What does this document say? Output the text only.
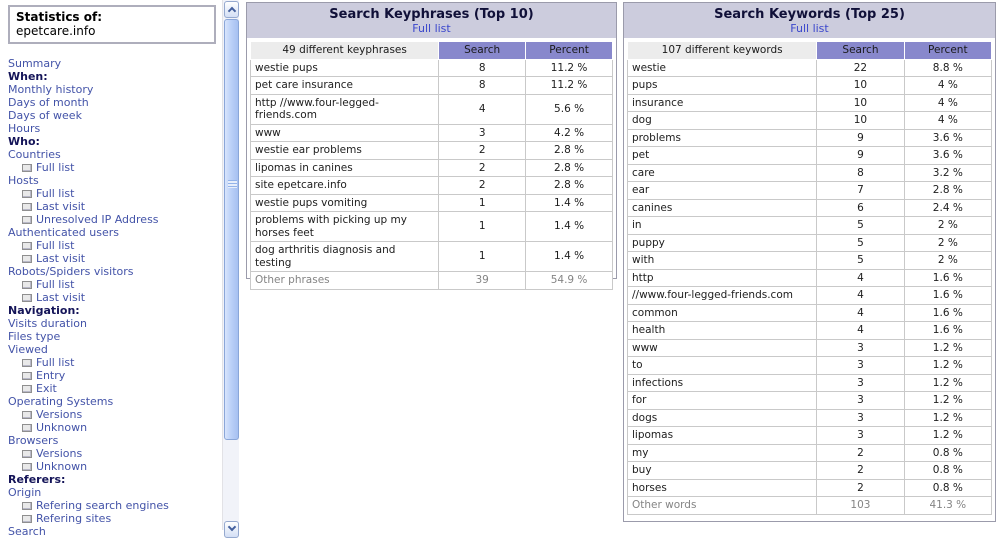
Statistics of:
epetcare.info
Summary
When:
Monthly history
Days of month
Days of week
Hours
Who:
Countries
Full list
Hosts
Full list
Last visit
Unresolved IP Address
Authenticated users
Full list
Last visit
Robots/Spiders visitors
Full list
Last visit
Navigation:
Visits duration
Files type
Viewed
Full list
Entry
Exit
Operating Systems
Versions
Unknown
Browsers
Versions
Unknown
Referers:
Origin
Refering search engines
Refering sites
Search
Search Keyphrases (Top 10)
Full list
49 different keyphrases	Search	Percent
westie pups	8	11.2 %
pet care insurance	8	11.2 %
http //www.four-legged-friends.com	4	5.6 %
www	3	4.2 %
westie ear problems	2	2.8 %
lipomas in canines	2	2.8 %
site epetcare.info	2	2.8 %
westie pups vomiting	1	1.4 %
problems with picking up my horses feet	1	1.4 %
dog arthritis diagnosis and testing	1	1.4 %
Other phrases	39	54.9 %
Search Keywords (Top 25)
Full list
107 different keywords	Search	Percent
westie	22	8.8 %
pups	10	4 %
insurance	10	4 %
dog	10	4 %
problems	9	3.6 %
pet	9	3.6 %
care	8	3.2 %
ear	7	2.8 %
canines	6	2.4 %
in	5	2 %
puppy	5	2 %
with	5	2 %
http	4	1.6 %
//www.four-legged-friends.com	4	1.6 %
common	4	1.6 %
health	4	1.6 %
www	3	1.2 %
to	3	1.2 %
infections	3	1.2 %
for	3	1.2 %
dogs	3	1.2 %
lipomas	3	1.2 %
my	2	0.8 %
buy	2	0.8 %
horses	2	0.8 %
Other words	103	41.3 %
